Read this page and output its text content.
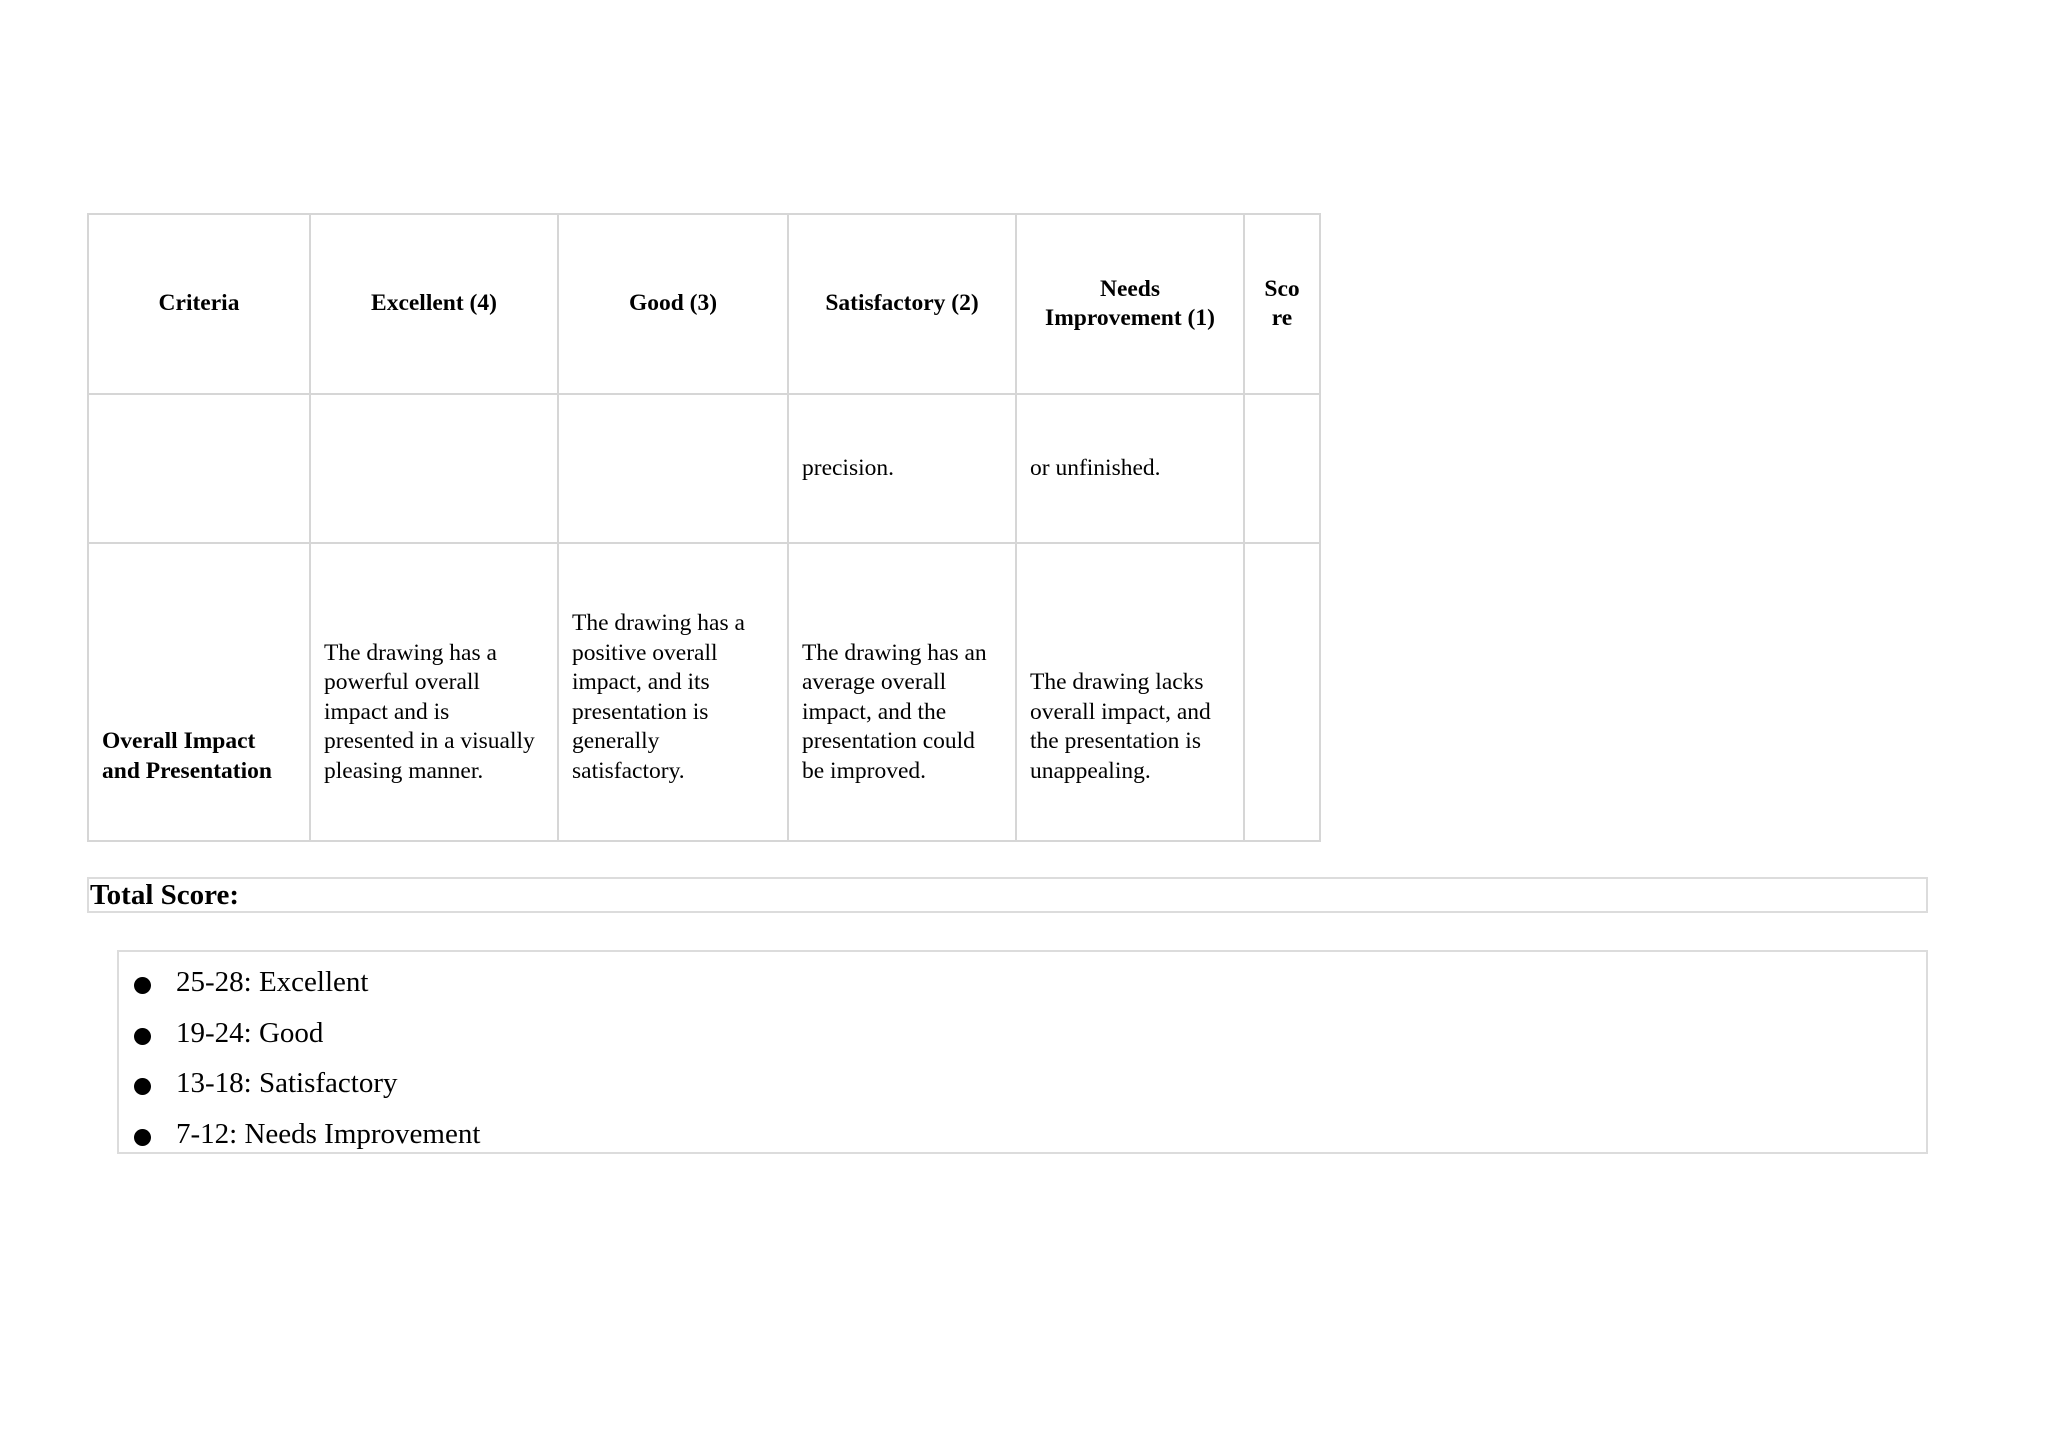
Criteria	Excellent (4)	Good (3)	Satisfactory (2)	Needs Improvement (1)	Sco
re

			precision.	or unfinished.	
Overall Impact and Presentation	The drawing has a powerful overall impact and is presented in a visually pleasing manner.	The drawing has a positive overall impact, and its presentation is generally satisfactory.	The drawing has an average overall impact, and the presentation could be improved.	The drawing lacks overall impact, and the presentation is unappealing.	
Total Score:
25-28: Excellent
19-24: Good
13-18: Satisfactory
7-12: Needs Improvement
